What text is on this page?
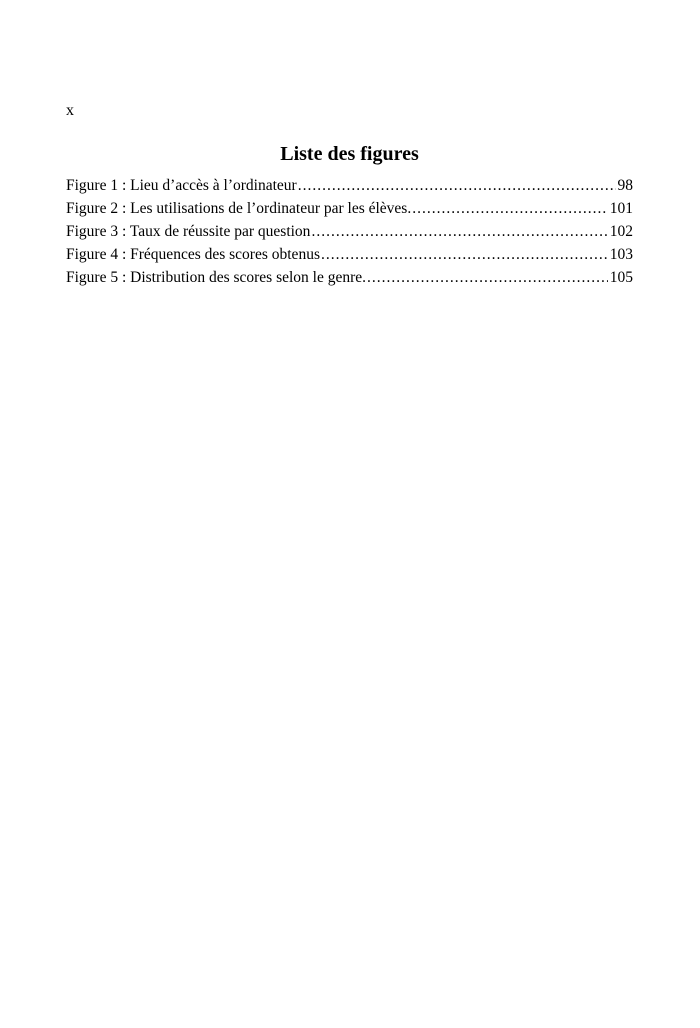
x
Liste des figures
Figure 1 : Lieu d’accès à l’ordinateur .....	98
Figure 2 : Les utilisations de l’ordinateur par les élèves. .....	101
Figure 3 : Taux de réussite par question .....	102
Figure 4 : Fréquences des scores obtenus .....	103
Figure 5 : Distribution des scores selon le genre. .....	105
